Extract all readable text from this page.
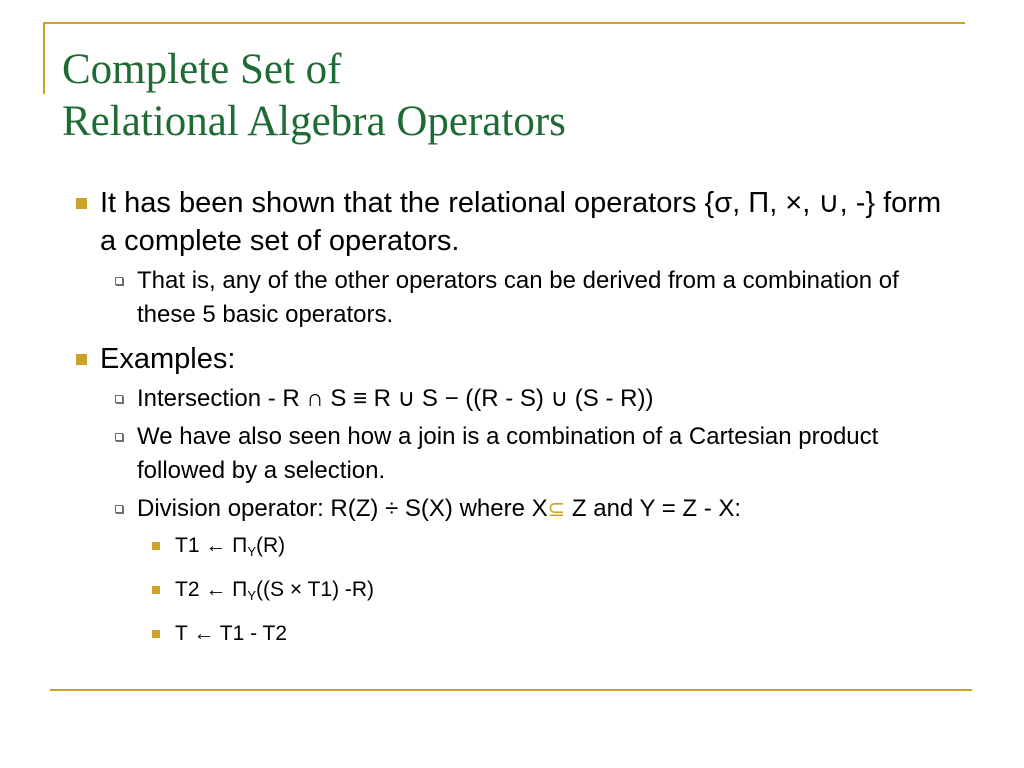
Complete Set of
Relational Algebra Operators
It has been shown that the relational operators {σ, Π, ×, ∪, -} form a complete set of operators.
That is, any of the other operators can be derived from a combination of these 5 basic operators.
Examples:
Intersection - R ∩ S ≡ R ∪ S − ((R - S) ∪ (S - R))
We have also seen how a join is a combination of a Cartesian product followed by a selection.
Division operator: R(Z) ÷ S(X) where X⊆ Z and Y = Z - X:
T1 ← $\Pi_Y(R)$
T2 ← $\Pi_Y((S \times T1)$ -R)
T ← T1 - T2
